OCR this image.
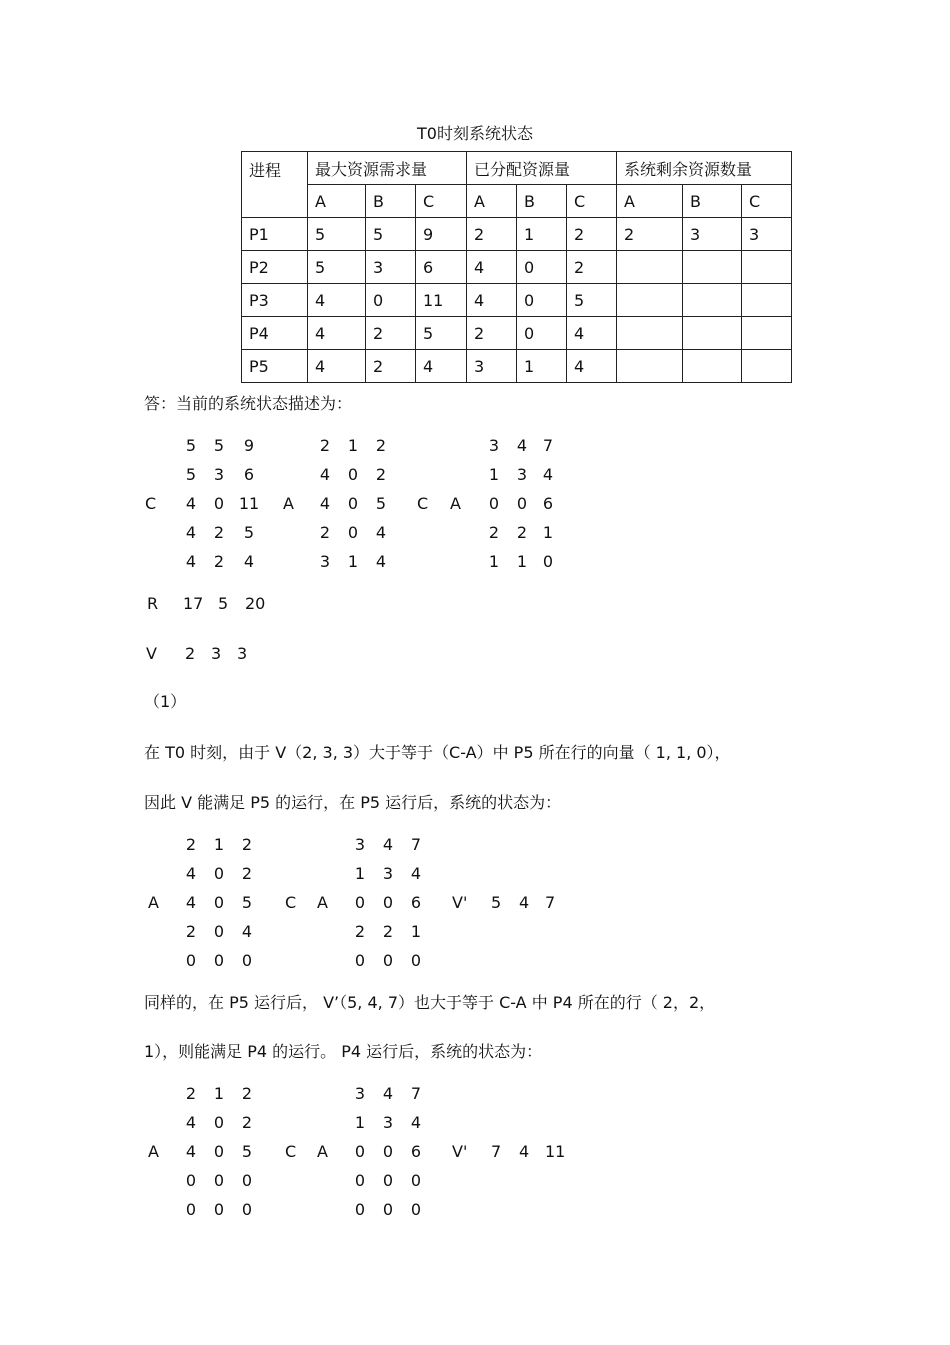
T0时刻系统状态
进程	最大资源需求量			已分配资源量			系统剩余资源数量		
	A	B	C	A	B	C	A	B	C
P1	5	5	9	2	1	2	2	3	3
P2	5	3	6	4	0	2			
P3	4	0	11	4	0	5			
P4	4	2	5	2	0	4			
P5	4	2	4	3	1	4			
答：当前的系统状态描述为：
C
5	5	9
5	3	6
4	0 11
4	2	5
4	2	4
A
2	1	2
4	0	2
4	0	5
2	0	4
3	1	4
C A
3	4 7
1	3 4
0	0 6
2	2 1
1	1 0
R 17 5 20
V 2 3 3
（1）
在 T0 时刻，由于 V（2, 3, 3）大于等于（C-A）中 P5 所在行的向量（ 1, 1, 0），
因此 V 能满足 P5 的运行，在 P5 运行后，系统的状态为：
A
2	1	2
4	0	2
4	0	5
2	0	4
0	0	0
C A
3	4	7
1	3	4
0	0	6
2	2	1
0	0	0
V' 5 4 7
同样的，在 P5 运行后， V’（5, 4, 7）也大于等于 C-A 中 P4 所在的行（ 2，2，
1），则能满足 P4 的运行。 P4 运行后，系统的状态为：
A
2	1	2
4	0	2
4	0	5
0	0	0
0	0	0
C A
3	4	7
1	3	4
0	0	6
0	0	0
0	0	0
V' 7 4 11
